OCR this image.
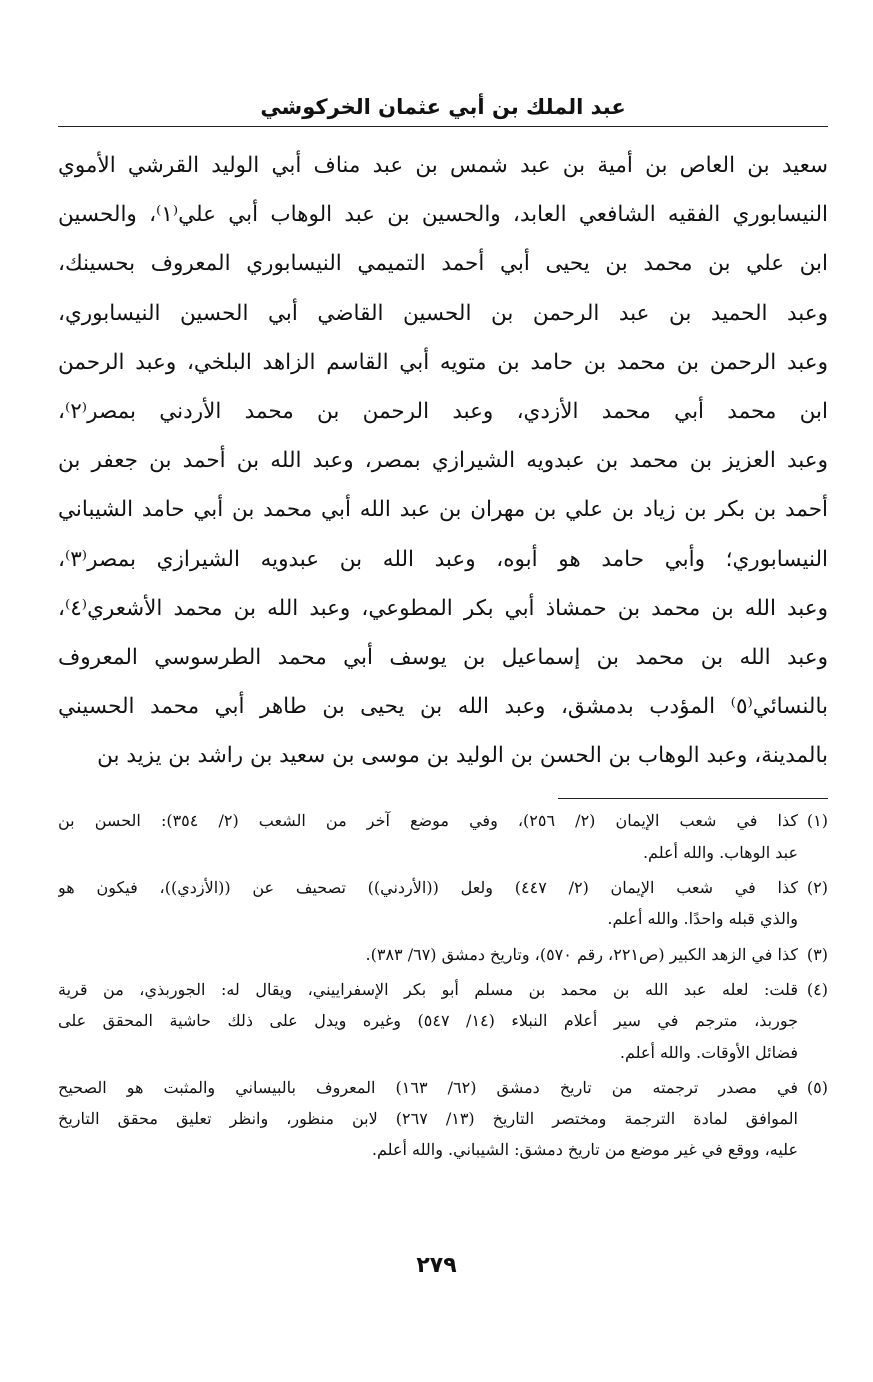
عبد الملك بن أبي عثمان الخركوشي
سعيد بن العاص بن أمية بن عبد شمس بن عبد مناف أبي الوليد القرشي الأموي
النيسابوري الفقيه الشافعي العابد، والحسين بن عبد الوهاب أبي علي⁽١⁾، والحسين
ابن علي بن محمد بن يحيى أبي أحمد التميمي النيسابوري المعروف بحسينك،
وعبد الحميد بن عبد الرحمن بن الحسين القاضي أبي الحسين النيسابوري،
وعبد الرحمن بن محمد بن حامد بن متويه أبي القاسم الزاهد البلخي، وعبد الرحمن
ابن محمد أبي محمد الأزدي، وعبد الرحمن بن محمد الأردني بمصر⁽٢⁾،
وعبد العزيز بن محمد بن عبدويه الشيرازي بمصر، وعبد الله بن أحمد بن جعفر بن
أحمد بن بكر بن زياد بن علي بن مهران بن عبد الله أبي محمد بن أبي حامد الشيباني
النيسابوري؛ وأبي حامد هو أبوه، وعبد الله بن عبدويه الشيرازي بمصر⁽٣⁾،
وعبد الله بن محمد بن حمشاذ أبي بكر المطوعي، وعبد الله بن محمد الأشعري⁽٤⁾،
وعبد الله بن محمد بن إسماعيل بن يوسف أبي محمد الطرسوسي المعروف
بالنسائي⁽٥⁾ المؤدب بدمشق، وعبد الله بن يحيى بن طاهر أبي محمد الحسيني
بالمدينة، وعبد الوهاب بن الحسن بن الوليد بن موسى بن سعيد بن راشد بن يزيد بن
(١)
كذا في شعب الإيمان (٢/ ٢٥٦)، وفي موضع آخر من الشعب (٢/ ٣٥٤): الحسن بن
عبد الوهاب. والله أعلم.
(٢)
كذا في شعب الإيمان (٢/ ٤٤٧) ولعل ((الأردني)) تصحيف عن ((الأزدي))، فيكون هو
والذي قبله واحدًا. والله أعلم.
(٣)
كذا في الزهد الكبير (ص٢٢١، رقم ٥٧٠)، وتاريخ دمشق (٦٧/ ٣٨٣).
(٤)
قلت: لعله عبد الله بن محمد بن مسلم أبو بكر الإسفراييني، ويقال له: الجوربذي، من قرية
جوربذ، مترجم في سير أعلام النبلاء (١٤/ ٥٤٧) وغيره ويدل على ذلك حاشية المحقق على
فضائل الأوقات. والله أعلم.
(٥)
في مصدر ترجمته من تاريخ دمشق (٦٢/ ١٦٣) المعروف بالبيساني والمثبت هو الصحيح
الموافق لمادة الترجمة ومختصر التاريخ (١٣/ ٢٦٧) لابن منظور، وانظر تعليق محقق التاريخ
عليه، ووقع في غير موضع من تاريخ دمشق: الشيباني. والله أعلم.
٢٧٩
